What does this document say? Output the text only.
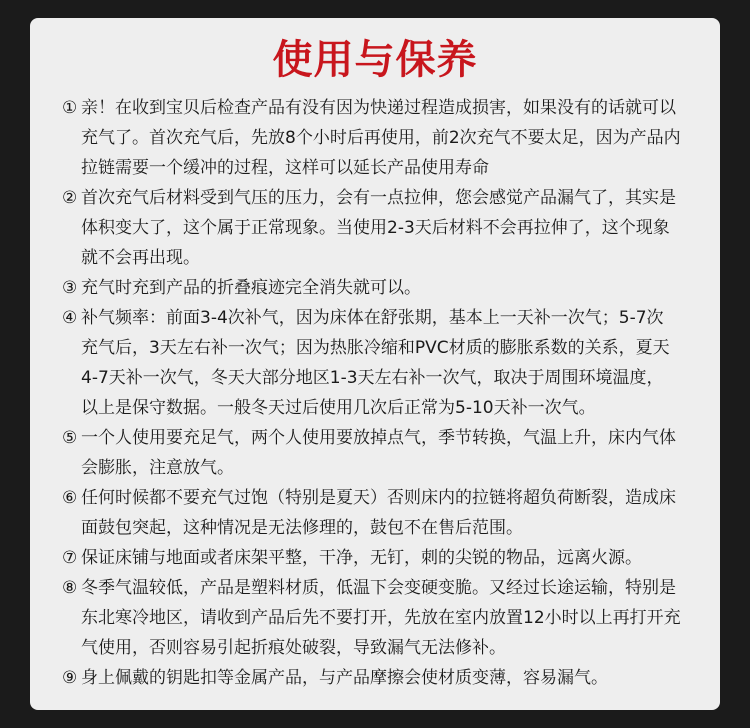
使用与保养
① 亲！在收到宝贝后检查产品有没有因为快递过程造成损害，如果没有的话就可以
充气了。首次充气后，先放8个小时后再使用，前2次充气不要太足，因为产品内
拉链需要一个缓冲的过程，这样可以延长产品使用寿命
② 首次充气后材料受到气压的压力，会有一点拉伸，您会感觉产品漏气了，其实是
体积变大了，这个属于正常现象。当使用2-3天后材料不会再拉伸了，这个现象
就不会再出现。
③ 充气时充到产品的折叠痕迹完全消失就可以。
④ 补气频率：前面3-4次补气，因为床体在舒张期，基本上一天补一次气；5-7次
充气后，3天左右补一次气；因为热胀冷缩和PVC材质的膨胀系数的关系，夏天
4-7天补一次气，冬天大部分地区1-3天左右补一次气，取决于周围环境温度，
以上是保守数据。一般冬天过后使用几次后正常为5-10天补一次气。
⑤ 一个人使用要充足气，两个人使用要放掉点气，季节转换，气温上升，床内气体
会膨胀，注意放气。
⑥ 任何时候都不要充气过饱（特别是夏天）否则床内的拉链将超负荷断裂，造成床
面鼓包突起，这种情况是无法修理的，鼓包不在售后范围。
⑦ 保证床铺与地面或者床架平整，干净，无钉，刺的尖锐的物品，远离火源。
⑧ 冬季气温较低，产品是塑料材质，低温下会变硬变脆。又经过长途运输，特别是
东北寒冷地区，请收到产品后先不要打开，先放在室内放置12小时以上再打开充
气使用，否则容易引起折痕处破裂，导致漏气无法修补。
⑨ 身上佩戴的钥匙扣等金属产品，与产品摩擦会使材质变薄，容易漏气。
